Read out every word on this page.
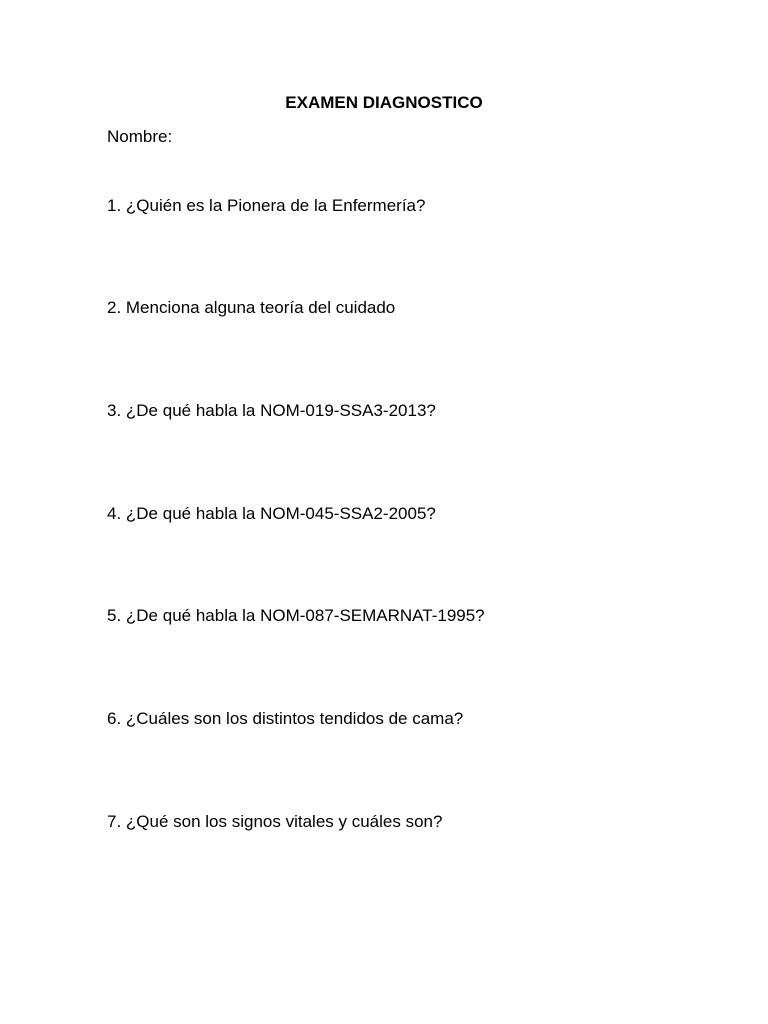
EXAMEN DIAGNOSTICO
Nombre:
1. ¿Quién es la Pionera de la Enfermería?
2. Menciona alguna teoría del cuidado
3. ¿De qué habla la NOM-019-SSA3-2013?
4. ¿De qué habla la NOM-045-SSA2-2005?
5. ¿De qué habla la NOM-087-SEMARNAT-1995?
6. ¿Cuáles son los distintos tendidos de cama?
7. ¿Qué son los signos vitales y cuáles son?
